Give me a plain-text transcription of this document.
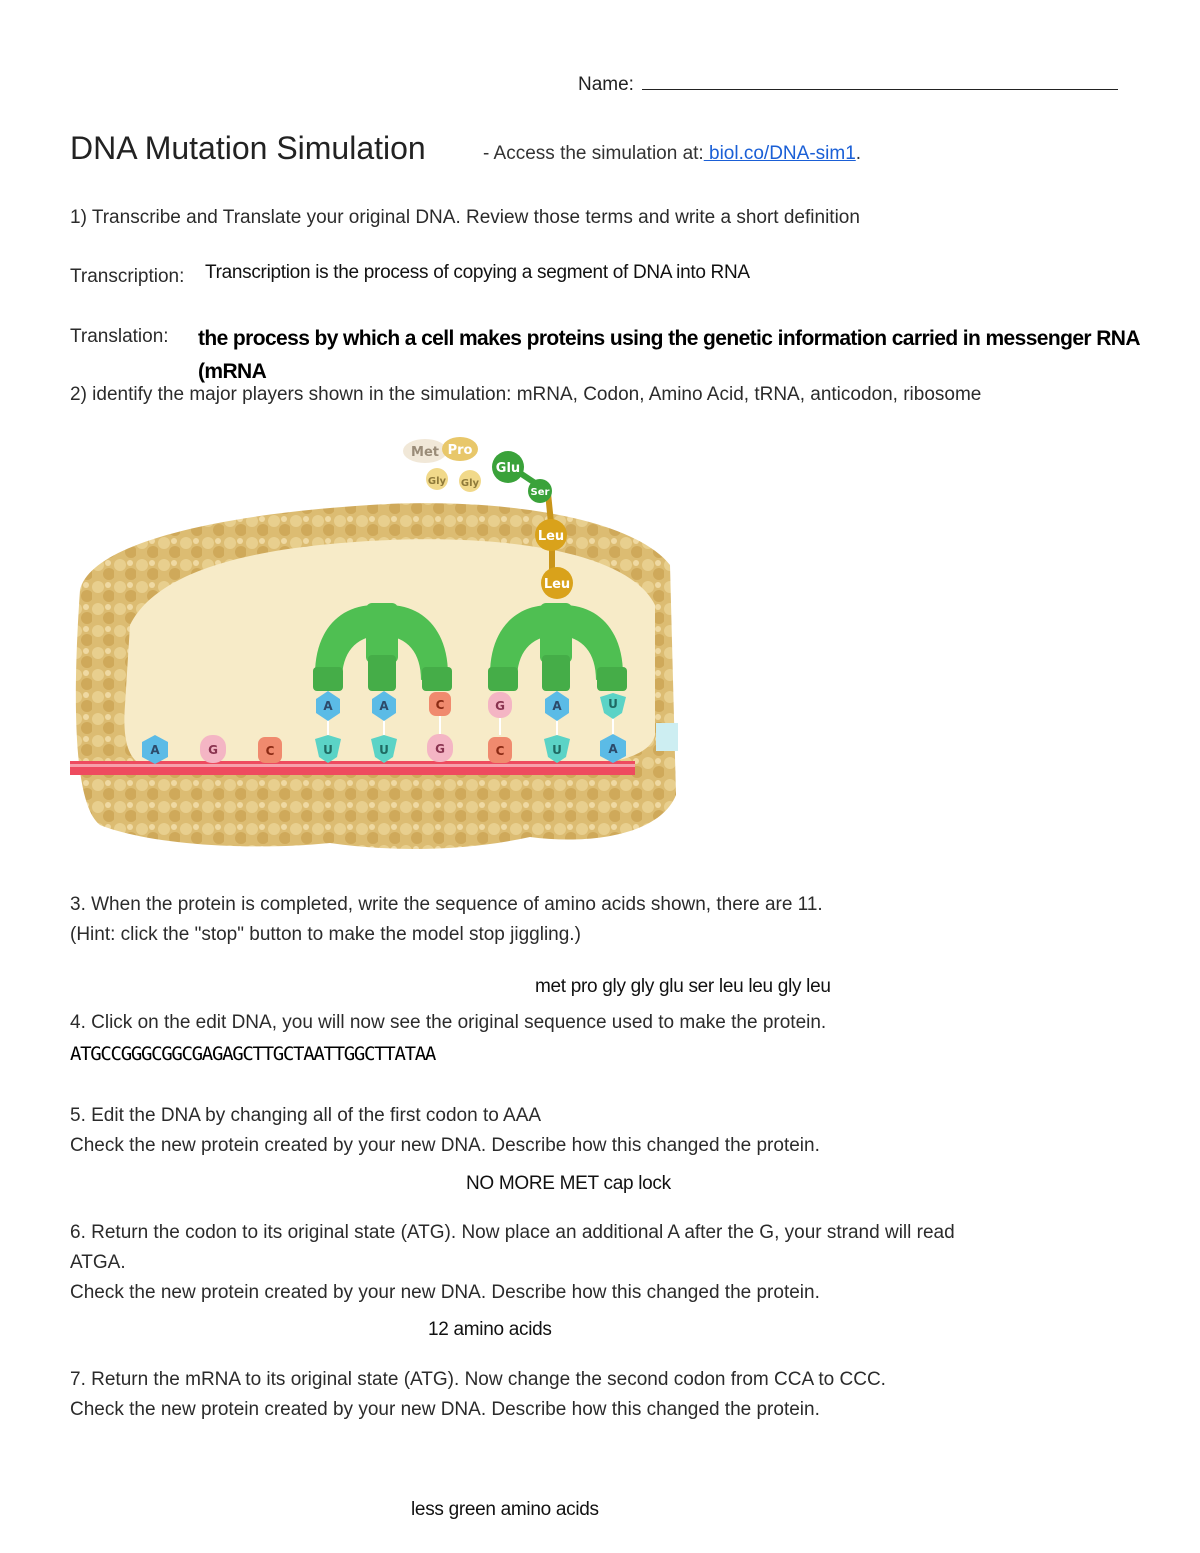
Name:
DNA Mutation Simulation	- Access the simulation at: biol.co/DNA-sim1.
1) Transcribe and Translate your original DNA. Review those terms and write a short definition
Transcription: Transcription is the process of copying a segment of DNA into RNA
Translation: the process by which a cell makes proteins using the genetic information carried in messenger RNA (mRNA
2) identify the major players shown in the simulation: mRNA, Codon, Amino Acid, tRNA, anticodon, ribosome
Met Pro
Gly Gly
Glu
Ser
Leu
Leu
A	A	C	G	A	U
A	G	C	U	U	G	C	U	A
3. When the protein is completed, write the sequence of amino acids shown, there are 11.
(Hint: click the "stop" button to make the model stop jiggling.)
met pro gly gly glu ser leu leu gly leu
4. Click on the edit DNA, you will now see the original sequence used to make the protein.
ATGCCGGGCGGCGAGAGCTTGCTAATTGGCTTATAA
5. Edit the DNA by changing all of the first codon to AAA
Check the new protein created by your new DNA. Describe how this changed the protein.
NO MORE MET cap lock
6. Return the codon to its original state (ATG). Now place an additional A after the G, your strand will read
ATGA.
Check the new protein created by your new DNA. Describe how this changed the protein.
12 amino acids
7. Return the mRNA to its original state (ATG). Now change the second codon from CCA to CCC.
Check the new protein created by your new DNA. Describe how this changed the protein.
less green amino acids
